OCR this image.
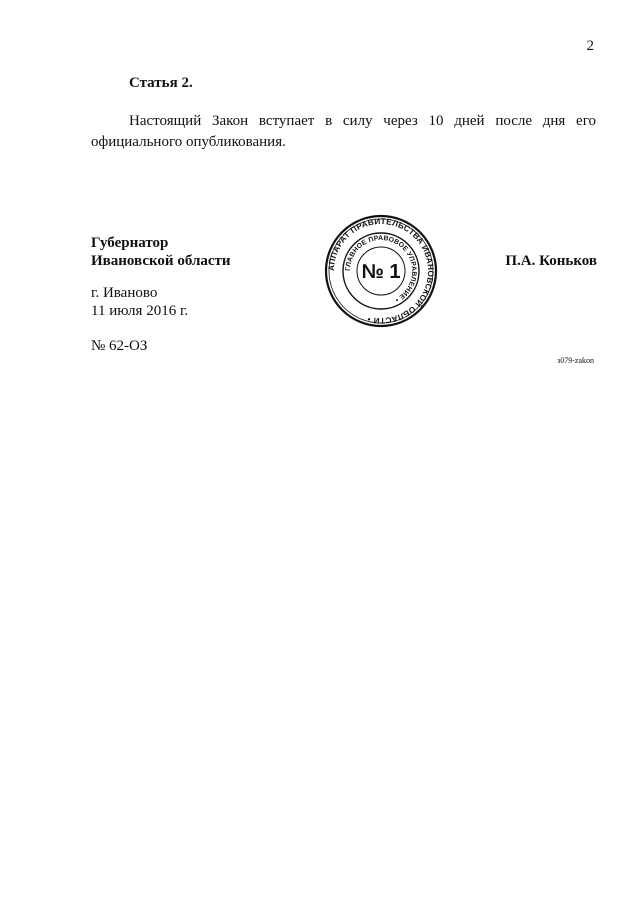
2
Статья 2.

Настоящий Закон вступает в силу через 10 дней после дня его официального опубликования.

Губернатор
Ивановской области	П.А. Коньков
г. Иваново
11 июля 2016 г.
№ 62-ОЗ
з079-zakon
АППАРАТ ПРАВИТЕЛЬСТВА ИВАНОВСКОЙ ОБЛАСТИ •
ГЛАВНОЕ ПРАВОВОЕ УПРАВЛЕНИЕ •
№ 1
